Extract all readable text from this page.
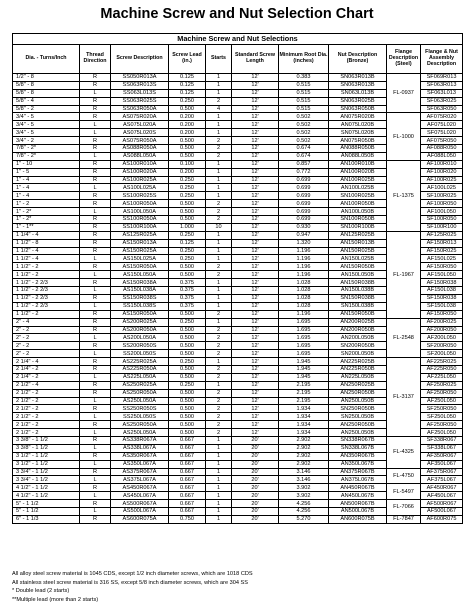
Machine Screw and Nut Selection Chart
Machine Screw and Nut Selections									
Dia. - Turns/Inch	Thread Direction	Screw Description	Screw Lead (in.)	Starts	Standard Screw Length	Minimum Root Dia. (inches)	Nut Description (Bronze)	Flange Description (Steel)	Flange & Nut Assembly Description
1/2" - 8	R	SS050R013A	0.125	1	12'	0.383	SN063R013B	FL-0937	SF069R013
5/8" - 8	R	SS063R013S	0.125	1	12'	0.515	SN063R013B		SF063R013
5/8" - 8	L	SS063L013S	0.125	1	12'	0.515	SN063L013B		SF063L013
5/8" - 4	R	SS063R025S	0.250	2	12'	0.515	SN063R025B		SF063R025
5/8" - 2	R	SS063R050A	0.500	4	12'	0.515	SN063R050B		SF063R050
3/4" - 5	R	AS075R020A	0.200	1	12'	0.502	AN075R020B	FL-1000	AF075R020
3/4" - 5	L	AS075L020A	0.200	1	12'	0.502	AN075L020B		AF075L020
3/4" - 5	L	AS075L020S	0.200	1	12'	0.502	SN075L020B		SF075L020
3/4" - 2	R	AS075R050A	0.500	2	12'	0.502	AN075R050B		AF075R050
7/8" - 2*	R	AS088R050A	0.500	2	12'	0.674	AN088R050B		AF088R050
7/8" - 2*	L	AS088L050A	0.500	2	12'	0.674	AN088L050B		AF088L050
1" - 10	R	AS100R010A	0.100	1	12'	0.857	AN100R010B	FL-1375	AF100R010
1" - 5	R	AS100R020A	0.200	1	12'	0.772	AN100R020B		AF100R020
1" - 4	R	AS100R025A	0.250	1	12'	0.699	AN100R025B		AF100R025
1" - 4	L	AS100L025A	0.250	1	12'	0.699	AN100L025B		AF100L025
1" - 4	R	SS100R025S	0.250	1	12'	0.699	SN100R025B		SF100R025
1" - 2	R	AS100R050A	0.500	2	12'	0.699	AN100R050B		AF100R050
1" - 2*	L	AS100L050A	0.500	2	12'	0.699	AN100L050B		AF100L050
1" - 2*	R	SS100R050A	0.500	2	12'	0.699	SN100R050B		SF100R050
1" - 1**	R	SS100R100A	1.000	10	12'	0.930	SN100R100B		SF100R100
1 1/4" - 4	R	AS125R025A	0.250	1	12'	0.947	AN125R025B	FL-1967	AF125R025
1 1/2" - 8	R	AS150R013A	0.125	1	12'	1.320	AN150R013B		AF150R013
1 1/2" - 4	R	AS150R025A	0.250	1	12'	1.196	AN150R025B		AF150R025
1 1/2" - 4	L	AS150L025A	0.250	1	12'	1.196	AN150L025B		AF150L025
1 1/2" - 2	R	AS150R050A	0.500	2	12'	1.196	AN150R050B		AF150R050
1 1/2" - 2	L	AS150L050A	0.500	2	12'	1.196	AN150L050B		AF150L050
1 1/2" - 2 2/3	R	AS150R038A	0.375	1	12'	1.028	AN150R038B		AF150R038
1 1/2" - 2 2/3	L	AS150L038A	0.375	1	12'	1.028	AN150L038B		AF150L038
1 1/2" - 2 2/3	R	SS150R038S	0.375	1	12'	1.028	SN150R038B		SF150R038
1 1/2" - 2 2/3	L	SS150L038S	0.375	1	12'	1.028	SN150L038B		SF150L038
1 1/2" - 2	R	AS150R050A	0.500	2	12'	1.196	AN150R050B		AF150R050
2" - 4	R	AS200R025A	0.250	1	12'	1.695	AN200R025B	FL-2548	AF200R025
2" - 2	R	AS200R050A	0.500	2	12'	1.695	AN200R050B		AF200R050
2" - 2	L	AS200L050A	0.500	2	12'	1.695	AN200L050B		AF200L050
2" - 2	R	SS200R050S	0.500	2	12'	1.695	SN200R050B		SF200R050
2" - 2	L	SS200L050S	0.500	2	12'	1.695	SN200L050B		SF200L050
2 1/4" - 4	R	AS225R025A	0.250	1	12'	1.945	AN225R025B	FL-3137	AF225R025
2 1/4" - 2	R	AS225R050A	0.500	2	12'	1.945	AN225R050B		AF225R050
2 1/4" - 2	L	AS225L050A	0.500	2	12'	1.945	AN225L050B		AF225L050
2 1/2" - 4	R	AS250R025A	0.250	1	12'	2.195	AN250R025B		AF250R025
2 1/2" - 2	R	AS250R050A	0.500	2	12'	2.195	AN250R050B		AF250R050
2 1/2" - 2	L	AS250L050A	0.500	2	12'	2.195	AN250L050B		AF250L050
2 1/2" - 2	R	SS250R050S	0.500	2	12'	1.934	SN250R050B		SF250R050
2 1/2" - 2	L	SS250L050S	0.500	2	12'	1.934	SN250L050B		SF250L050
2 1/2" - 2	R	AS250R050A	0.500	2	12'	1.934	AN250R050B		AF250R050
2 1/2" - 2	L	AS250L050A	0.500	2	12'	1.934	AN250L050B		AF250L050
3 3/8" - 1 1/2	R	AS338R067A	0.667	1	20'	2.902	SN338R067B	FL-4325	SF338R067
3 3/8" - 1 1/2	L	AS338L067A	0.667	1	20'	2.902	SN338L067B		SF338L067
3 1/2" - 1 1/2	R	AS350R067A	0.667	1	20'	2.902	AN350R067B		AF350R067
3 1/2" - 1 1/2	L	AS350L067A	0.667	1	20'	2.902	AN350L067B		AF350L067
3 3/4" - 1 1/2	R	AS375R067A	0.667	1	20'	3.146	AN375R067B	FL-4750	AF375R067
3 3/4" - 1 1/2	L	AS375L067A	0.667	1	20'	3.146	AN375L067B		AF375L067
4 1/2" - 1 1/2	R	AS450R067A	0.667	1	20'	3.902	AN450R067B	FL-5497	AF450R067
4 1/2" - 1 1/2	L	AS450L067A	0.667	1	20'	3.902	AN450L067B		AF450L067
5" - 1 1/2	R	AS500R067A	0.667	1	20'	4.256	AN500R067B	FL-7066	AF500R067
5" - 1 1/2	L	AS500L067A	0.667	1	20'	4.256	AN500L067B		AF500L067
6" - 1 1/3	R	AS600R075A	0.750	1	20'	5.270	AN600R075B	FL-7847	AF600R075
All alloy steel screw material is 1045 CDS, except 1/2 inch diameter screws, which are 1018 CDS
All stainless steel screw material is 316 SS, except 5/8 inch diameter screws, which are 304 SS
* Double lead (2 starts)
**Multiple lead (more than 2 starts)
